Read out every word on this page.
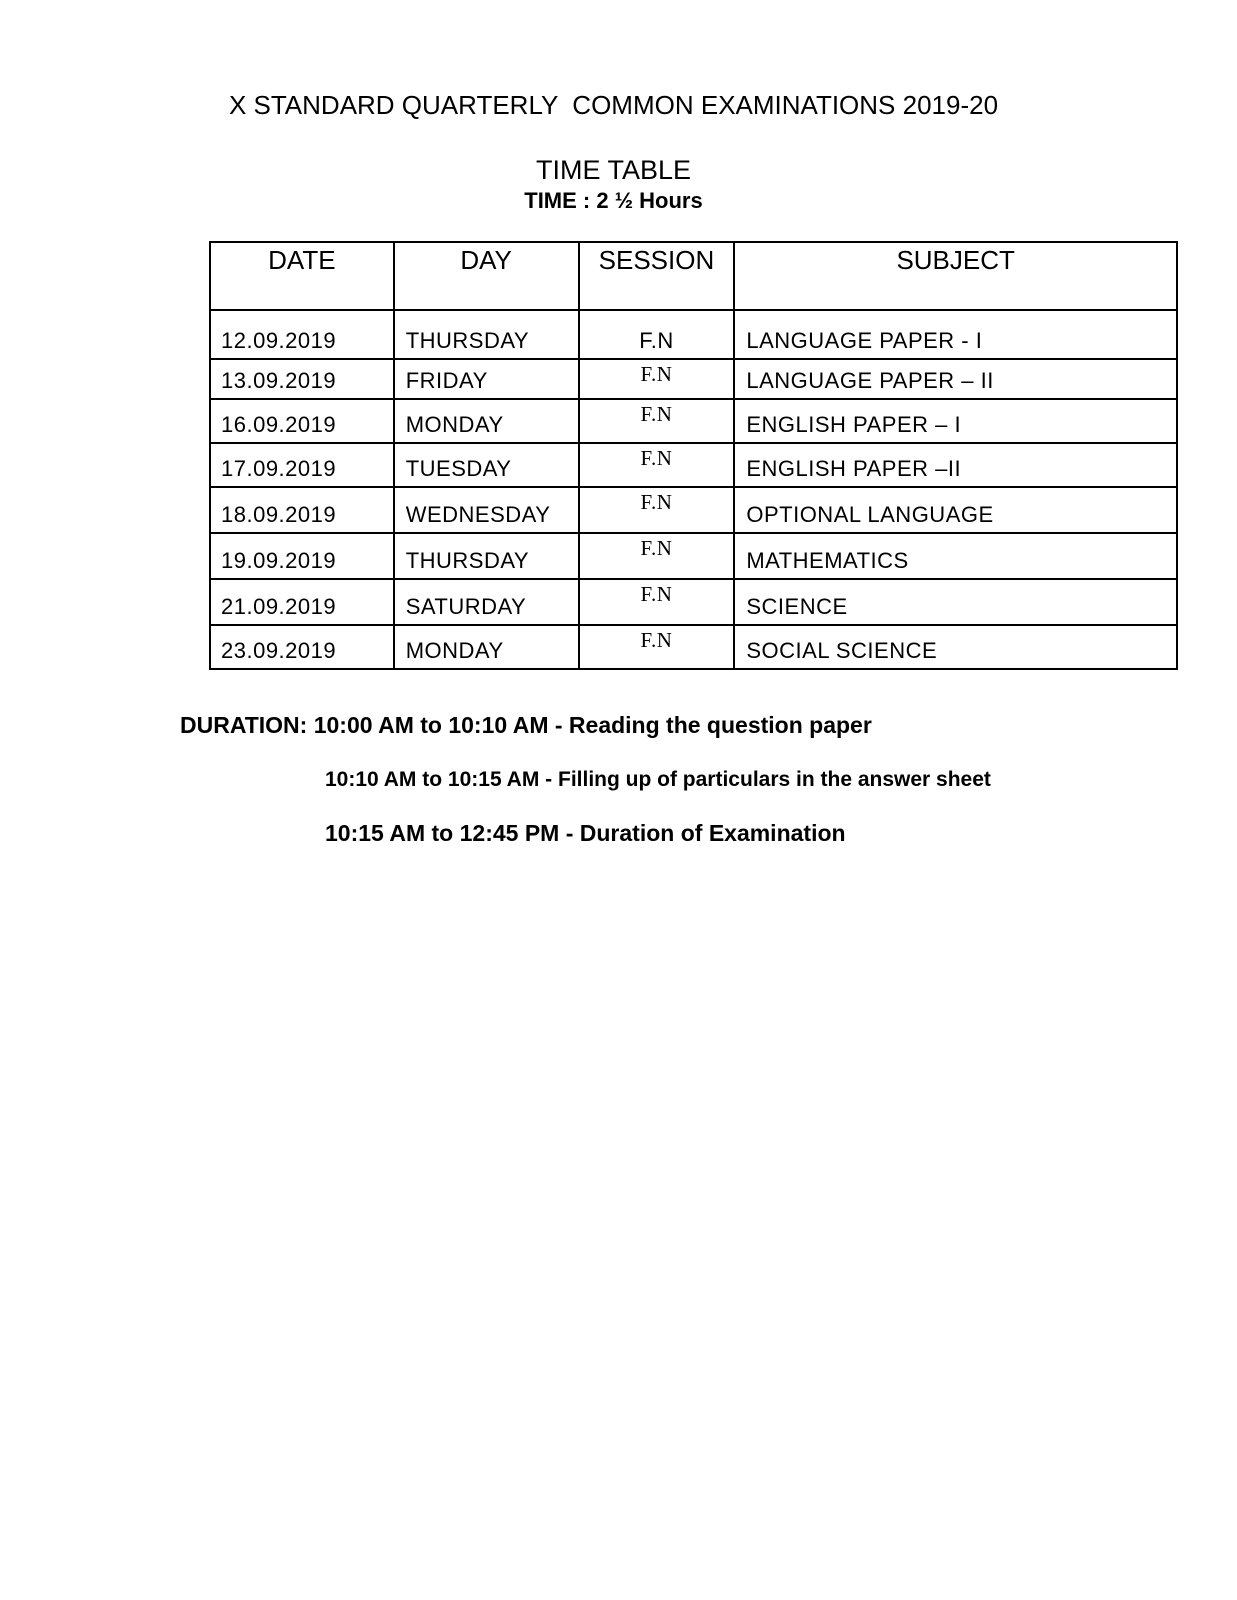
X STANDARD QUARTERLY  COMMON EXAMINATIONS 2019-20
TIME TABLE
TIME : 2 ½ Hours
DATE	DAY	SESSION	SUBJECT
12.09.2019	THURSDAY	F.N	LANGUAGE PAPER - I
13.09.2019	FRIDAY	F.N	LANGUAGE PAPER – II
16.09.2019	MONDAY	F.N	ENGLISH PAPER – I
17.09.2019	TUESDAY	F.N	ENGLISH PAPER –II
18.09.2019	WEDNESDAY	F.N	OPTIONAL LANGUAGE
19.09.2019	THURSDAY	F.N	MATHEMATICS
21.09.2019	SATURDAY	F.N	SCIENCE
23.09.2019	MONDAY	F.N	SOCIAL SCIENCE
DURATION: 10:00 AM to 10:10 AM - Reading the question paper
10:10 AM to 10:15 AM - Filling up of particulars in the answer sheet
10:15 AM to 12:45 PM - Duration of Examination
